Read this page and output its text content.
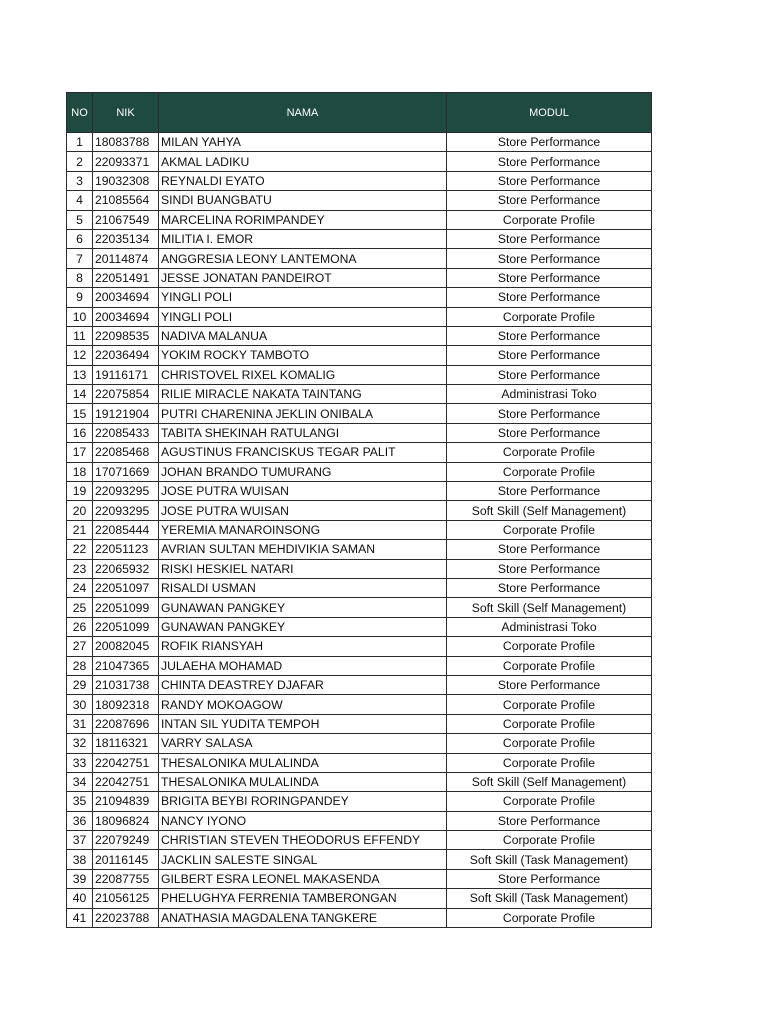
NO	NIK	NAMA	MODUL
1	18083788	MILAN YAHYA	Store Performance
2	22093371	AKMAL LADIKU	Store Performance
3	19032308	REYNALDI EYATO	Store Performance
4	21085564	SINDI BUANGBATU	Store Performance
5	21067549	MARCELINA RORIMPANDEY	Corporate Profile
6	22035134	MILITIA I. EMOR	Store Performance
7	20114874	ANGGRESIA LEONY LANTEMONA	Store Performance
8	22051491	JESSE JONATAN PANDEIROT	Store Performance
9	20034694	YINGLI POLI	Store Performance
10	20034694	YINGLI POLI	Corporate Profile
11	22098535	NADIVA MALANUA	Store Performance
12	22036494	YOKIM ROCKY TAMBOTO	Store Performance
13	19116171	CHRISTOVEL RIXEL KOMALIG	Store Performance
14	22075854	RILIE MIRACLE NAKATA TAINTANG	Administrasi Toko
15	19121904	PUTRI CHARENINA JEKLIN ONIBALA	Store Performance
16	22085433	TABITA SHEKINAH RATULANGI	Store Performance
17	22085468	AGUSTINUS FRANCISKUS TEGAR PALIT	Corporate Profile
18	17071669	JOHAN BRANDO TUMURANG	Corporate Profile
19	22093295	JOSE PUTRA WUISAN	Store Performance
20	22093295	JOSE PUTRA WUISAN	Soft Skill (Self Management)
21	22085444	YEREMIA MANAROINSONG	Corporate Profile
22	22051123	AVRIAN SULTAN MEHDIVIKIA SAMAN	Store Performance
23	22065932	RISKI HESKIEL NATARI	Store Performance
24	22051097	RISALDI USMAN	Store Performance
25	22051099	GUNAWAN PANGKEY	Soft Skill (Self Management)
26	22051099	GUNAWAN PANGKEY	Administrasi Toko
27	20082045	ROFIK RIANSYAH	Corporate Profile
28	21047365	JULAEHA MOHAMAD	Corporate Profile
29	21031738	CHINTA DEASTREY DJAFAR	Store Performance
30	18092318	RANDY MOKOAGOW	Corporate Profile
31	22087696	INTAN SIL YUDITA TEMPOH	Corporate Profile
32	18116321	VARRY SALASA	Corporate Profile
33	22042751	THESALONIKA MULALINDA	Corporate Profile
34	22042751	THESALONIKA MULALINDA	Soft Skill (Self Management)
35	21094839	BRIGITA BEYBI RORINGPANDEY	Corporate Profile
36	18096824	NANCY IYONO	Store Performance
37	22079249	CHRISTIAN STEVEN THEODORUS EFFENDY	Corporate Profile
38	20116145	JACKLIN SALESTE SINGAL	Soft Skill (Task Management)
39	22087755	GILBERT ESRA LEONEL MAKASENDA	Store Performance
40	21056125	PHELUGHYA FERRENIA TAMBERONGAN	Soft Skill (Task Management)
41	22023788	ANATHASIA MAGDALENA TANGKERE	Corporate Profile
